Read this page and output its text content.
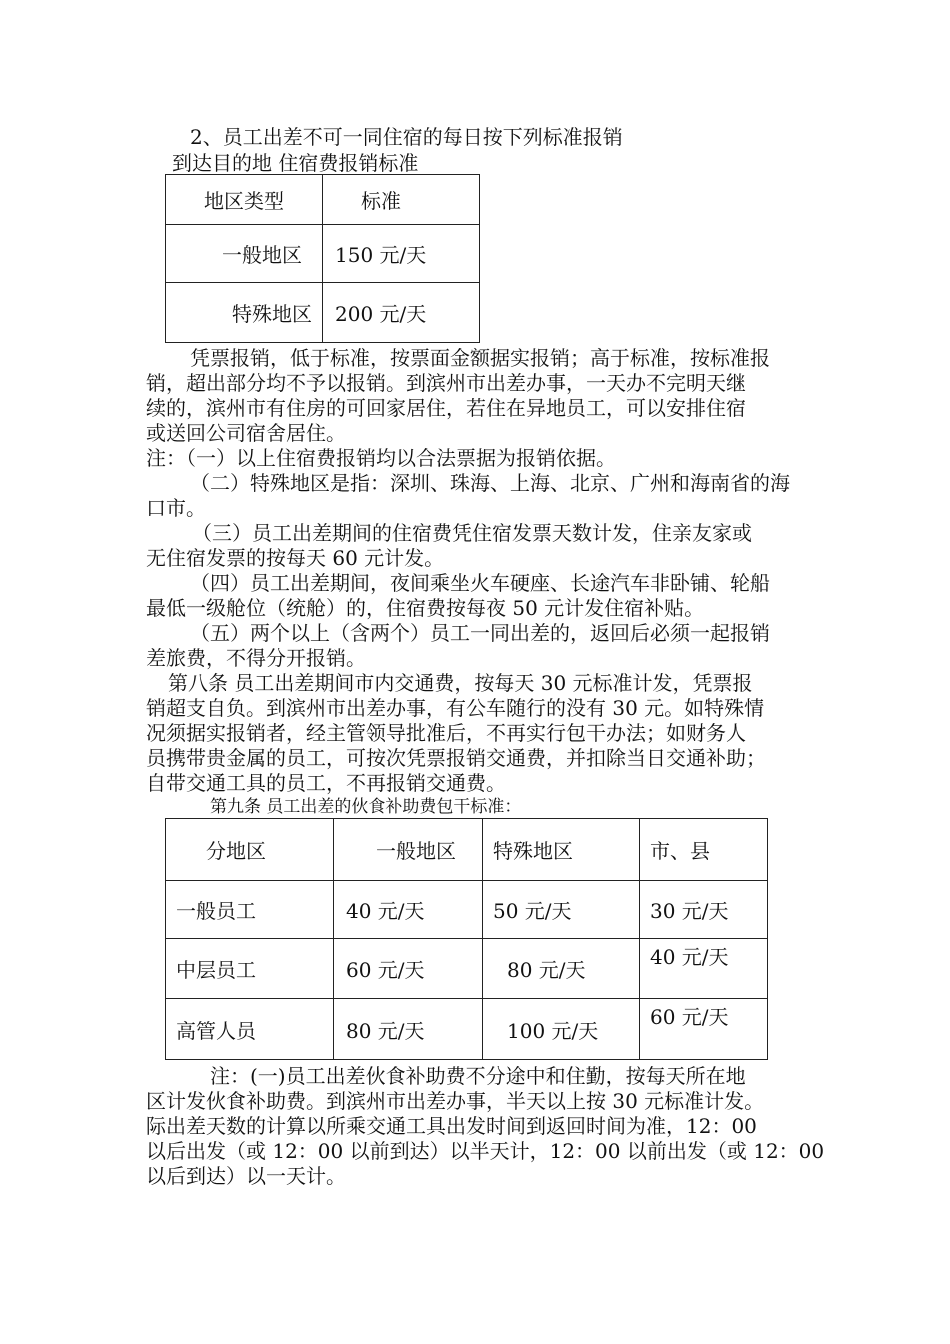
2、员工出差不可一同住宿的每日按下列标准报销
到达目的地 住宿费报销标准
地区类型	标准
一般地区	150 元/天
特殊地区	200 元/天
凭票报销，低于标准，按票面金额据实报销；高于标准，按标准报
销，超出部分均不予以报销。到滨州市出差办事，一天办不完明天继
续的，滨州市有住房的可回家居住，若住在异地员工，可以安排住宿
或送回公司宿舍居住。
注：（一）以上住宿费报销均以合法票据为报销依据。
（二）特殊地区是指：深圳、珠海、上海、北京、广州和海南省的海
口市。
（三）员工出差期间的住宿费凭住宿发票天数计发，住亲友家或
无住宿发票的按每天 60 元计发。
（四）员工出差期间，夜间乘坐火车硬座、长途汽车非卧铺、轮船
最低一级舱位（统舱）的，住宿费按每夜 50 元计发住宿补贴。
（五）两个以上（含两个）员工一同出差的，返回后必须一起报销
差旅费，不得分开报销。
第八条 员工出差期间市内交通费，按每天 30 元标准计发，凭票报
销超支自负。到滨州市出差办事，有公车随行的没有 30 元。如特殊情
况须据实报销者，经主管领导批准后，不再实行包干办法；如财务人
员携带贵金属的员工，可按次凭票报销交通费，并扣除当日交通补助；
自带交通工具的员工，不再报销交通费。
第九条 员工出差的伙食补助费包干标准：
分地区	一般地区	特殊地区	市、县
一般员工	40 元/天	50 元/天	30 元/天
中层员工	60 元/天	80 元/天	40 元/天

高管人员	80 元/天	100 元/天	60 元/天
注：(一)员工出差伙食补助费不分途中和住勤，按每天所在地
区计发伙食补助费。到滨州市出差办事，半天以上按 30 元标准计发。
际出差天数的计算以所乘交通工具出发时间到返回时间为准，12：00
以后出发（或 12：00 以前到达）以半天计，12：00 以前出发（或 12：00
以后到达）以一天计。
